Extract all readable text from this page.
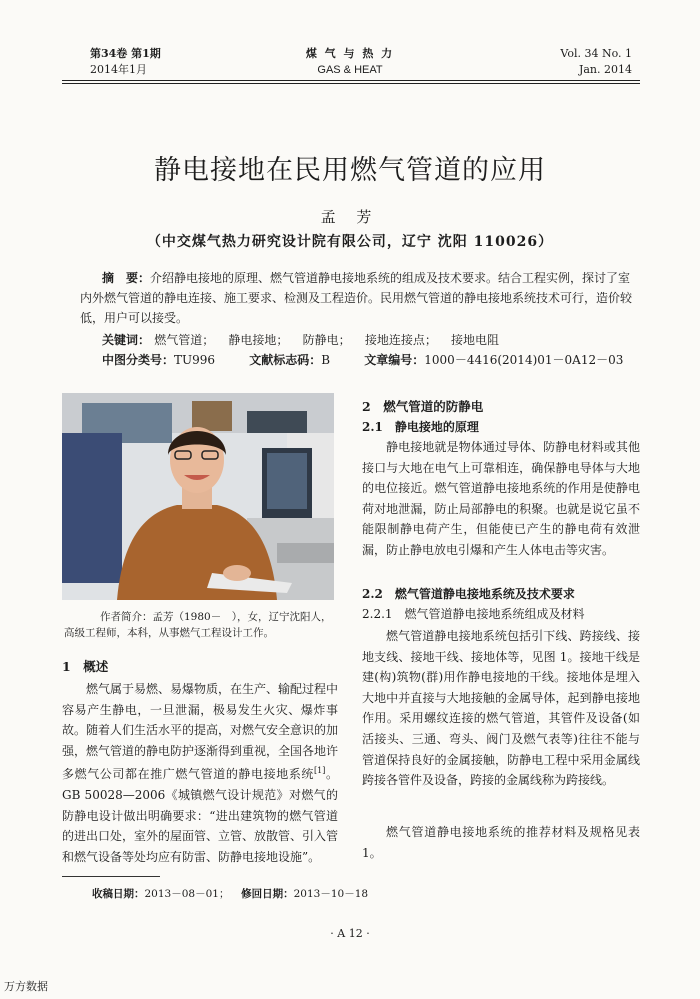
第34卷 第1期
2014年1月
煤 气 与 热 力
GAS & HEAT
Vol. 34 No. 1
Jan. 2014
静电接地在民用燃气管道的应用
孟 芳
（中交煤气热力研究设计院有限公司，辽宁 沈阳 110026）
摘　要：介绍静电接地的原理、燃气管道静电接地系统的组成及技术要求。结合工程实例，探讨了室内外燃气管道的静电连接、施工要求、检测及工程造价。民用燃气管道的静电接地系统技术可行，造价较低，用户可以接受。
关键词： 燃气管道； 静电接地； 防静电； 接地连接点； 接地电阻
中图分类号：TU996	文献标志码：B	文章编号：1000－4416(2014)01－0A12－03
作者简介：孟芳（1980－　），女，辽宁沈阳人，高级工程师，本科，从事燃气工程设计工作。
1　概述
燃气属于易燃、易爆物质，在生产、输配过程中容易产生静电，一旦泄漏，极易发生火灾、爆炸事故。随着人们生活水平的提高，对燃气安全意识的加强，燃气管道的静电防护逐渐得到重视，全国各地许多燃气公司都在推广燃气管道的静电接地系统[1]。GB 50028—2006《城镇燃气设计规范》对燃气的防静电设计做出明确要求：“进出建筑物的燃气管道的进出口处，室外的屋面管、立管、放散管、引入管和燃气设备等处均应有防雷、防静电接地设施”。
2　燃气管道的防静电
2.1　静电接地的原理
静电接地就是物体通过导体、防静电材料或其他接口与大地在电气上可靠相连，确保静电导体与大地的电位接近。燃气管道静电接地系统的作用是使静电荷对地泄漏，防止局部静电的积聚。也就是说它虽不能限制静电荷产生，但能使已产生的静电荷有效泄漏，防止静电放电引爆和产生人体电击等灾害。
2.2　燃气管道静电接地系统及技术要求
2.2.1　燃气管道静电接地系统组成及材料
燃气管道静电接地系统包括引下线、跨接线、接地支线、接地干线、接地体等，见图 1。接地干线是建(构)筑物(群)用作静电接地的干线。接地体是埋入大地中并直接与大地接触的金属导体，起到静电接地作用。采用螺纹连接的燃气管道，其管件及设备(如活接头、三通、弯头、阀门及燃气表等)往往不能与管道保持良好的金属接触，防静电工程中采用金属线跨接各管件及设备，跨接的金属线称为跨接线。
燃气管道静电接地系统的推荐材料及规格见表 1。
收稿日期：2013－08－01； 修回日期：2013－10－18
· A 12 ·
万方数据
